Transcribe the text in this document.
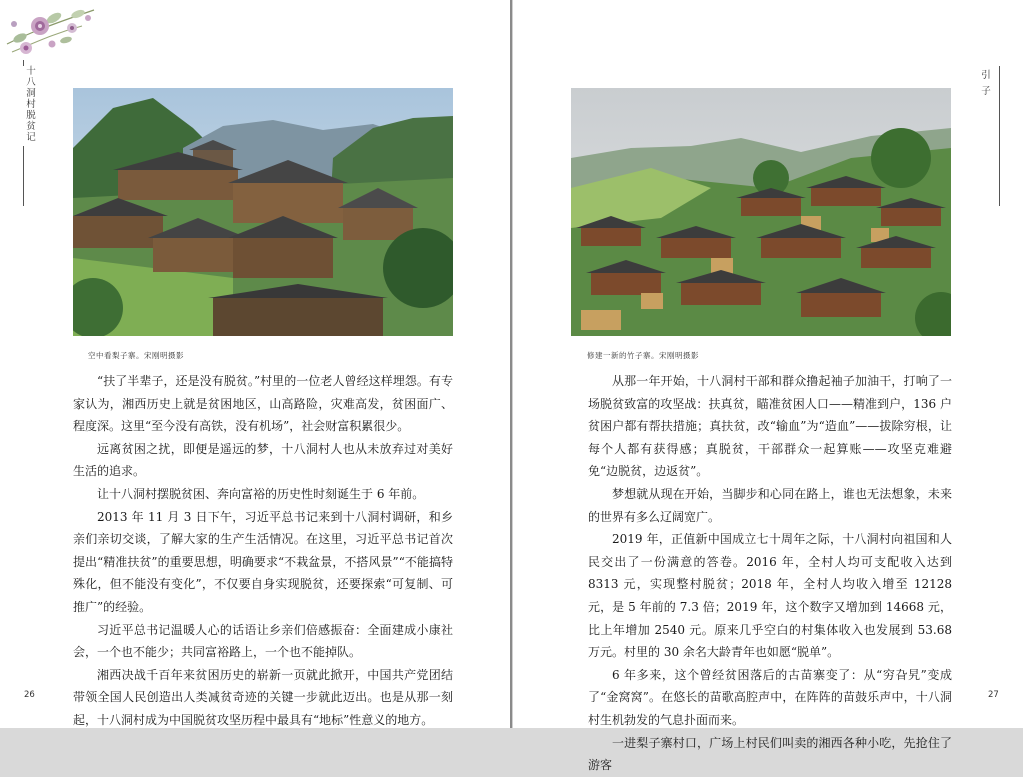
十八洞村脱贫记
空中看梨子寨。宋刚明摄影

“扶了半辈子，还是没有脱贫。”村里的一位老人曾经这样埋怨。有专家认为，湘西历史上就是贫困地区，山高路险，灾难高发，贫困面广、程度深。这里“至今没有高铁，没有机场”，社会财富积累很少。

远离贫困之扰，即便是遥远的梦，十八洞村人也从未放弃过对美好生活的追求。

让十八洞村摆脱贫困、奔向富裕的历史性时刻诞生于 6 年前。

2013 年 11 月 3 日下午，习近平总书记来到十八洞村调研，和乡亲们亲切交谈，了解大家的生产生活情况。在这里，习近平总书记首次提出“精准扶贫”的重要思想，明确要求“不栽盆景，不搭风景”“不能搞特殊化，但不能没有变化”，不仅要自身实现脱贫，还要探索“可复制、可推广”的经验。

习近平总书记温暖人心的话语让乡亲们倍感振奋：全面建成小康社会，一个也不能少；共同富裕路上，一个也不能掉队。

湘西决战千百年来贫困历史的崭新一页就此掀开，中国共产党团结带领全国人民创造出人类减贫奇迹的关键一步就此迈出。也是从那一刻起，十八洞村成为中国脱贫攻坚历程中最具有“地标”性意义的地方。

26
引子
修建一新的竹子寨。宋刚明摄影

从那一年开始，十八洞村干部和群众撸起袖子加油干，打响了一场脱贫致富的攻坚战：扶真贫，瞄准贫困人口——精准到户，136 户贫困户都有帮扶措施；真扶贫，改“输血”为“造血”——拔除穷根，让每个人都有获得感；真脱贫，干部群众一起算账——攻坚克难避免“边脱贫，边返贫”。

梦想就从现在开始，当脚步和心同在路上，谁也无法想象，未来的世界有多么辽阔宽广。

2019 年，正值新中国成立七十周年之际，十八洞村向祖国和人民交出了一份满意的答卷。2016 年，全村人均可支配收入达到 8313 元，实现整村脱贫；2018 年，全村人均收入增至 12128 元，是 5 年前的 7.3 倍；2019 年，这个数字又增加到 14668 元，比上年增加 2540 元。原来几乎空白的村集体收入也发展到 53.68 万元。村里的 30 余名大龄青年也如愿“脱单”。

6 年多来，这个曾经贫困落后的古苗寨变了：从“穷旮旯”变成了“金窝窝”。在悠长的苗歌高腔声中，在阵阵的苗鼓乐声中，十八洞村生机勃发的气息扑面而来。

一进梨子寨村口，广场上村民们叫卖的湘西各种小吃，先抢住了游客

27
